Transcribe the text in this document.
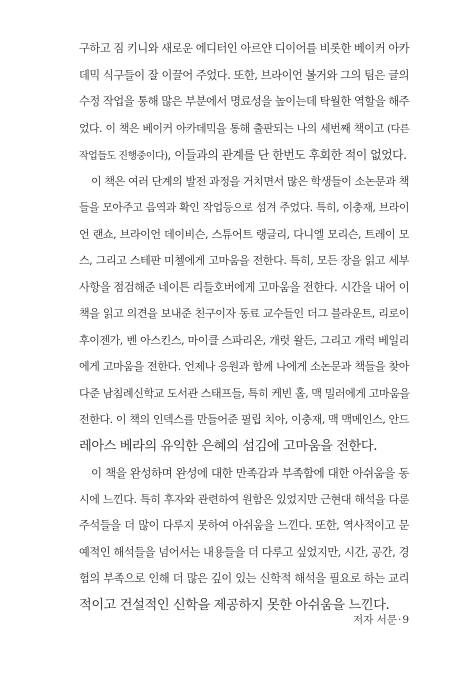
구하고 짐 키니와 새로운 에디터인 아르얀 디이어를 비롯한 베이커 아카
데믹 식구들이 잘 이끌어 주었다. 또한, 브라이언 볼거와 그의 팀은 글의
수정 작업을 통해 많은 부분에서 명료성을 높이는데 탁월한 역할을 해주
었다. 이 책은 베이커 아카데믹을 통해 출판되는 나의 세번째 책이고 (다른
작업들도 진행중이다), 이들과의 관계를 단 한번도 후회한 적이 없었다.
이 책은 여러 단계의 발전 과정을 거치면서 많은 학생들이 소논문과 책
들을 모아주고 음역과 확인 작업등으로 섬겨 주었다. 특히, 이충재, 브라이
언 랜쇼, 브라이언 데이비슨, 스튜어트 랭글리, 다니엘 모리슨, 트레이 모
스, 그리고 스테판 미첼에게 고마움을 전한다. 특히, 모든 장을 읽고 세부
사항을 점검해준 네이튼 리들호버에게 고마움을 전한다. 시간을 내어 이
책을 읽고 의견을 보내준 친구이자 동료 교수들인 더그 블라운트, 리로이
후이젠가, 벤 아스킨스, 마이클 스파리온, 개럿 왈든, 그리고 개럭 베일리
에게 고마움을 전한다. 언제나 응원과 함께 나에게 소논문과 책들을 찾아
다준 남침례신학교 도서관 스태프들, 특히 케빈 홀, 맥 밀러에게 고마움을
전한다. 이 책의 인덱스를 만들어준 필립 치아, 이충재, 맥 맥메인스, 안드
레아스 베라의 유익한 은혜의 섬김에 고마움을 전한다.
이 책을 완성하며 완성에 대한 만족감과 부족함에 대한 아쉬움을 동
시에 느낀다. 특히 후자와 관련하여 원함은 있었지만 근현대 해석을 다룬
주석들을 더 많이 다루지 못하여 아쉬움을 느낀다. 또한, 역사적이고 문
예적인 해석들을 넘어서는 내용들을 더 다루고 싶었지만, 시간, 공간, 경
험의 부족으로 인해 더 많은 깊이 있는 신학적 해석을 필요로 하는 교리
적이고 건설적인 신학을 제공하지 못한 아쉬움을 느낀다.
저자 서문·9
